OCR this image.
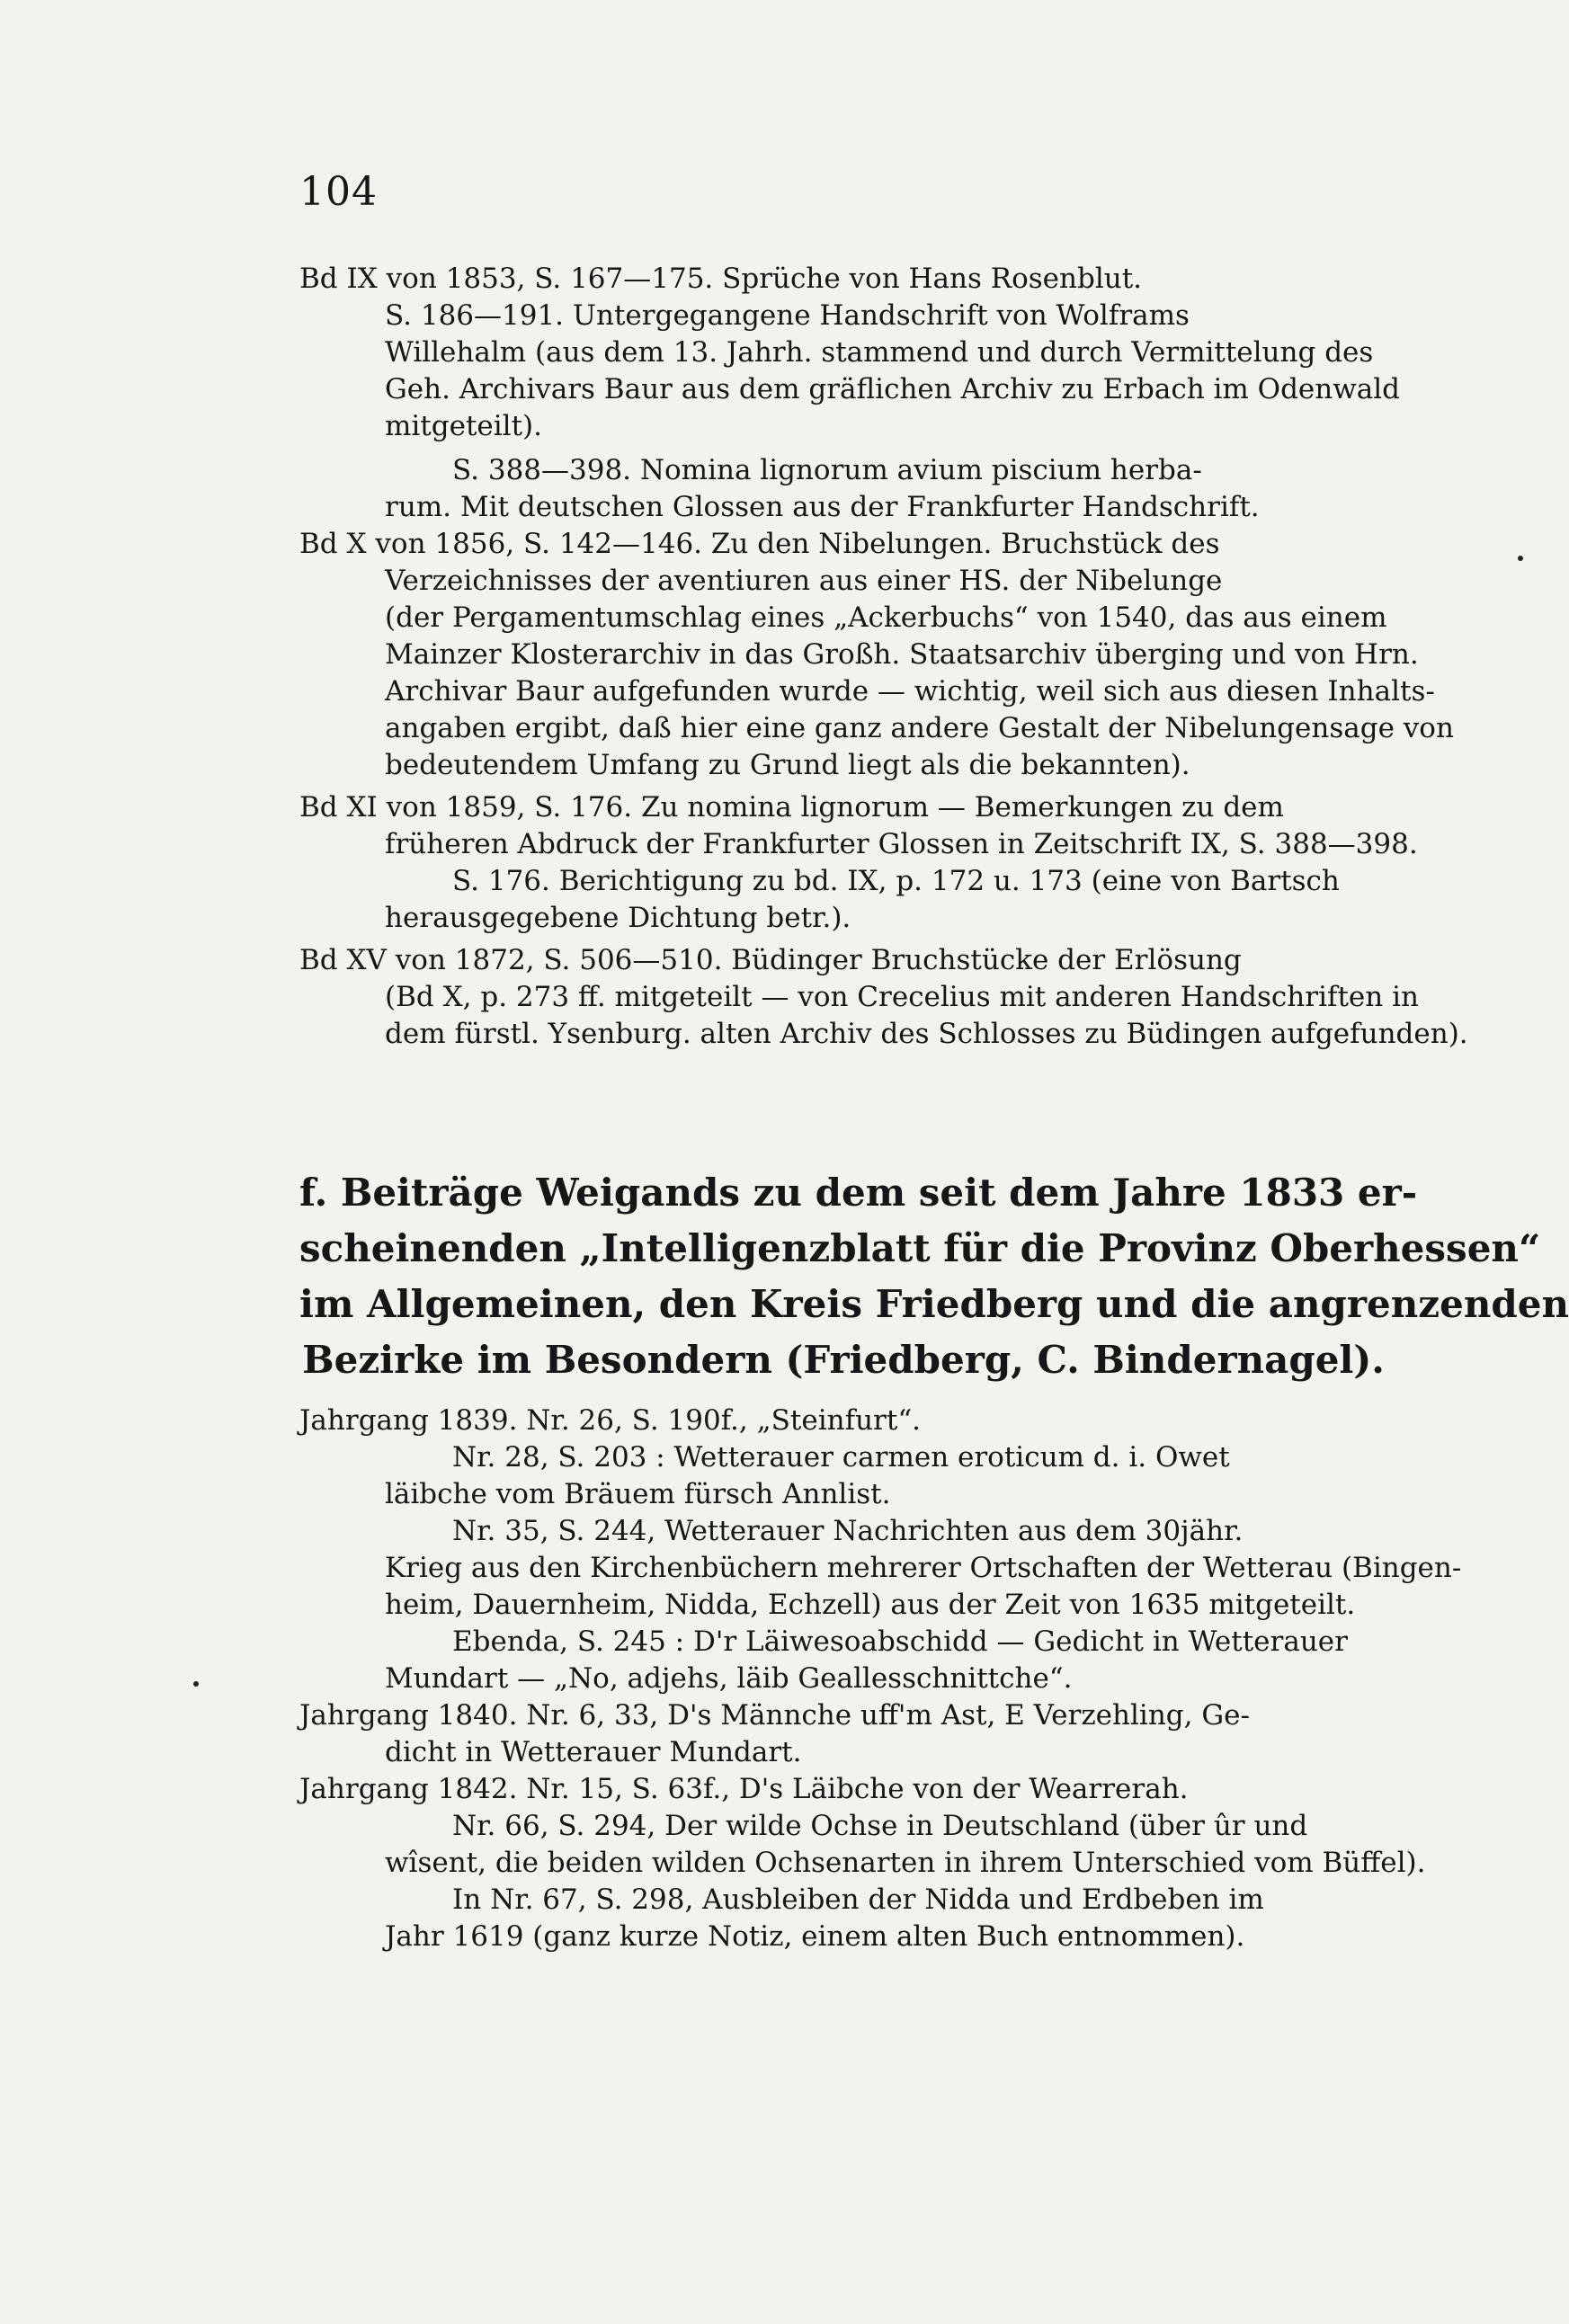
104
Bd IX von 1853, S. 167—175. Sprüche von Hans Rosenblut.
S. 186—191. Untergegangene Handschrift von Wolframs
Willehalm (aus dem 13. Jahrh. stammend und durch Vermittelung des
Geh. Archivars Baur aus dem gräflichen Archiv zu Erbach im Odenwald
mitgeteilt).
S. 388—398. Nomina lignorum avium piscium herba-
rum. Mit deutschen Glossen aus der Frankfurter Handschrift.
Bd X von 1856, S. 142—146. Zu den Nibelungen. Bruchstück des
Verzeichnisses der aventiuren aus einer HS. der Nibelunge
(der Pergamentumschlag eines „Ackerbuchs“ von 1540, das aus einem
Mainzer Klosterarchiv in das Großh. Staatsarchiv überging und von Hrn.
Archivar Baur aufgefunden wurde — wichtig, weil sich aus diesen Inhalts-
angaben ergibt, daß hier eine ganz andere Gestalt der Nibelungensage von
bedeutendem Umfang zu Grund liegt als die bekannten).
Bd XI von 1859, S. 176. Zu nomina lignorum — Bemerkungen zu dem
früheren Abdruck der Frankfurter Glossen in Zeitschrift IX, S. 388—398.
S. 176. Berichtigung zu bd. IX, p. 172 u. 173 (eine von Bartsch
herausgegebene Dichtung betr.).
Bd XV von 1872, S. 506—510. Büdinger Bruchstücke der Erlösung
(Bd X, p. 273 ff. mitgeteilt — von Crecelius mit anderen Handschriften in
dem fürstl. Ysenburg. alten Archiv des Schlosses zu Büdingen aufgefunden).
f. Beiträge Weigands zu dem seit dem Jahre 1833 er-
scheinenden „Intelligenzblatt für die Provinz Oberhessen“
im Allgemeinen, den Kreis Friedberg und die angrenzenden
Bezirke im Besondern (Friedberg, C. Bindernagel).
Jahrgang 1839. Nr. 26, S. 190f., „Steinfurt“.
Nr. 28, S. 203 : Wetterauer carmen eroticum d. i. Owet
läibche vom Bräuem fürsch Annlist.
Nr. 35, S. 244, Wetterauer Nachrichten aus dem 30jähr.
Krieg aus den Kirchenbüchern mehrerer Ortschaften der Wetterau (Bingen-
heim, Dauernheim, Nidda, Echzell) aus der Zeit von 1635 mitgeteilt.
Ebenda, S. 245 : D'r Läiwesoabschidd — Gedicht in Wetterauer
Mundart — „No, adjehs, läib Geallesschnittche“.
Jahrgang 1840. Nr. 6, 33, D's Männche uff'm Ast, E Verzehling, Ge-
dicht in Wetterauer Mundart.
Jahrgang 1842. Nr. 15, S. 63f., D's Läibche von der Wearrerah.
Nr. 66, S. 294, Der wilde Ochse in Deutschland (über ûr und
wîsent, die beiden wilden Ochsenarten in ihrem Unterschied vom Büffel).
In Nr. 67, S. 298, Ausbleiben der Nidda und Erdbeben im
Jahr 1619 (ganz kurze Notiz, einem alten Buch entnommen).
